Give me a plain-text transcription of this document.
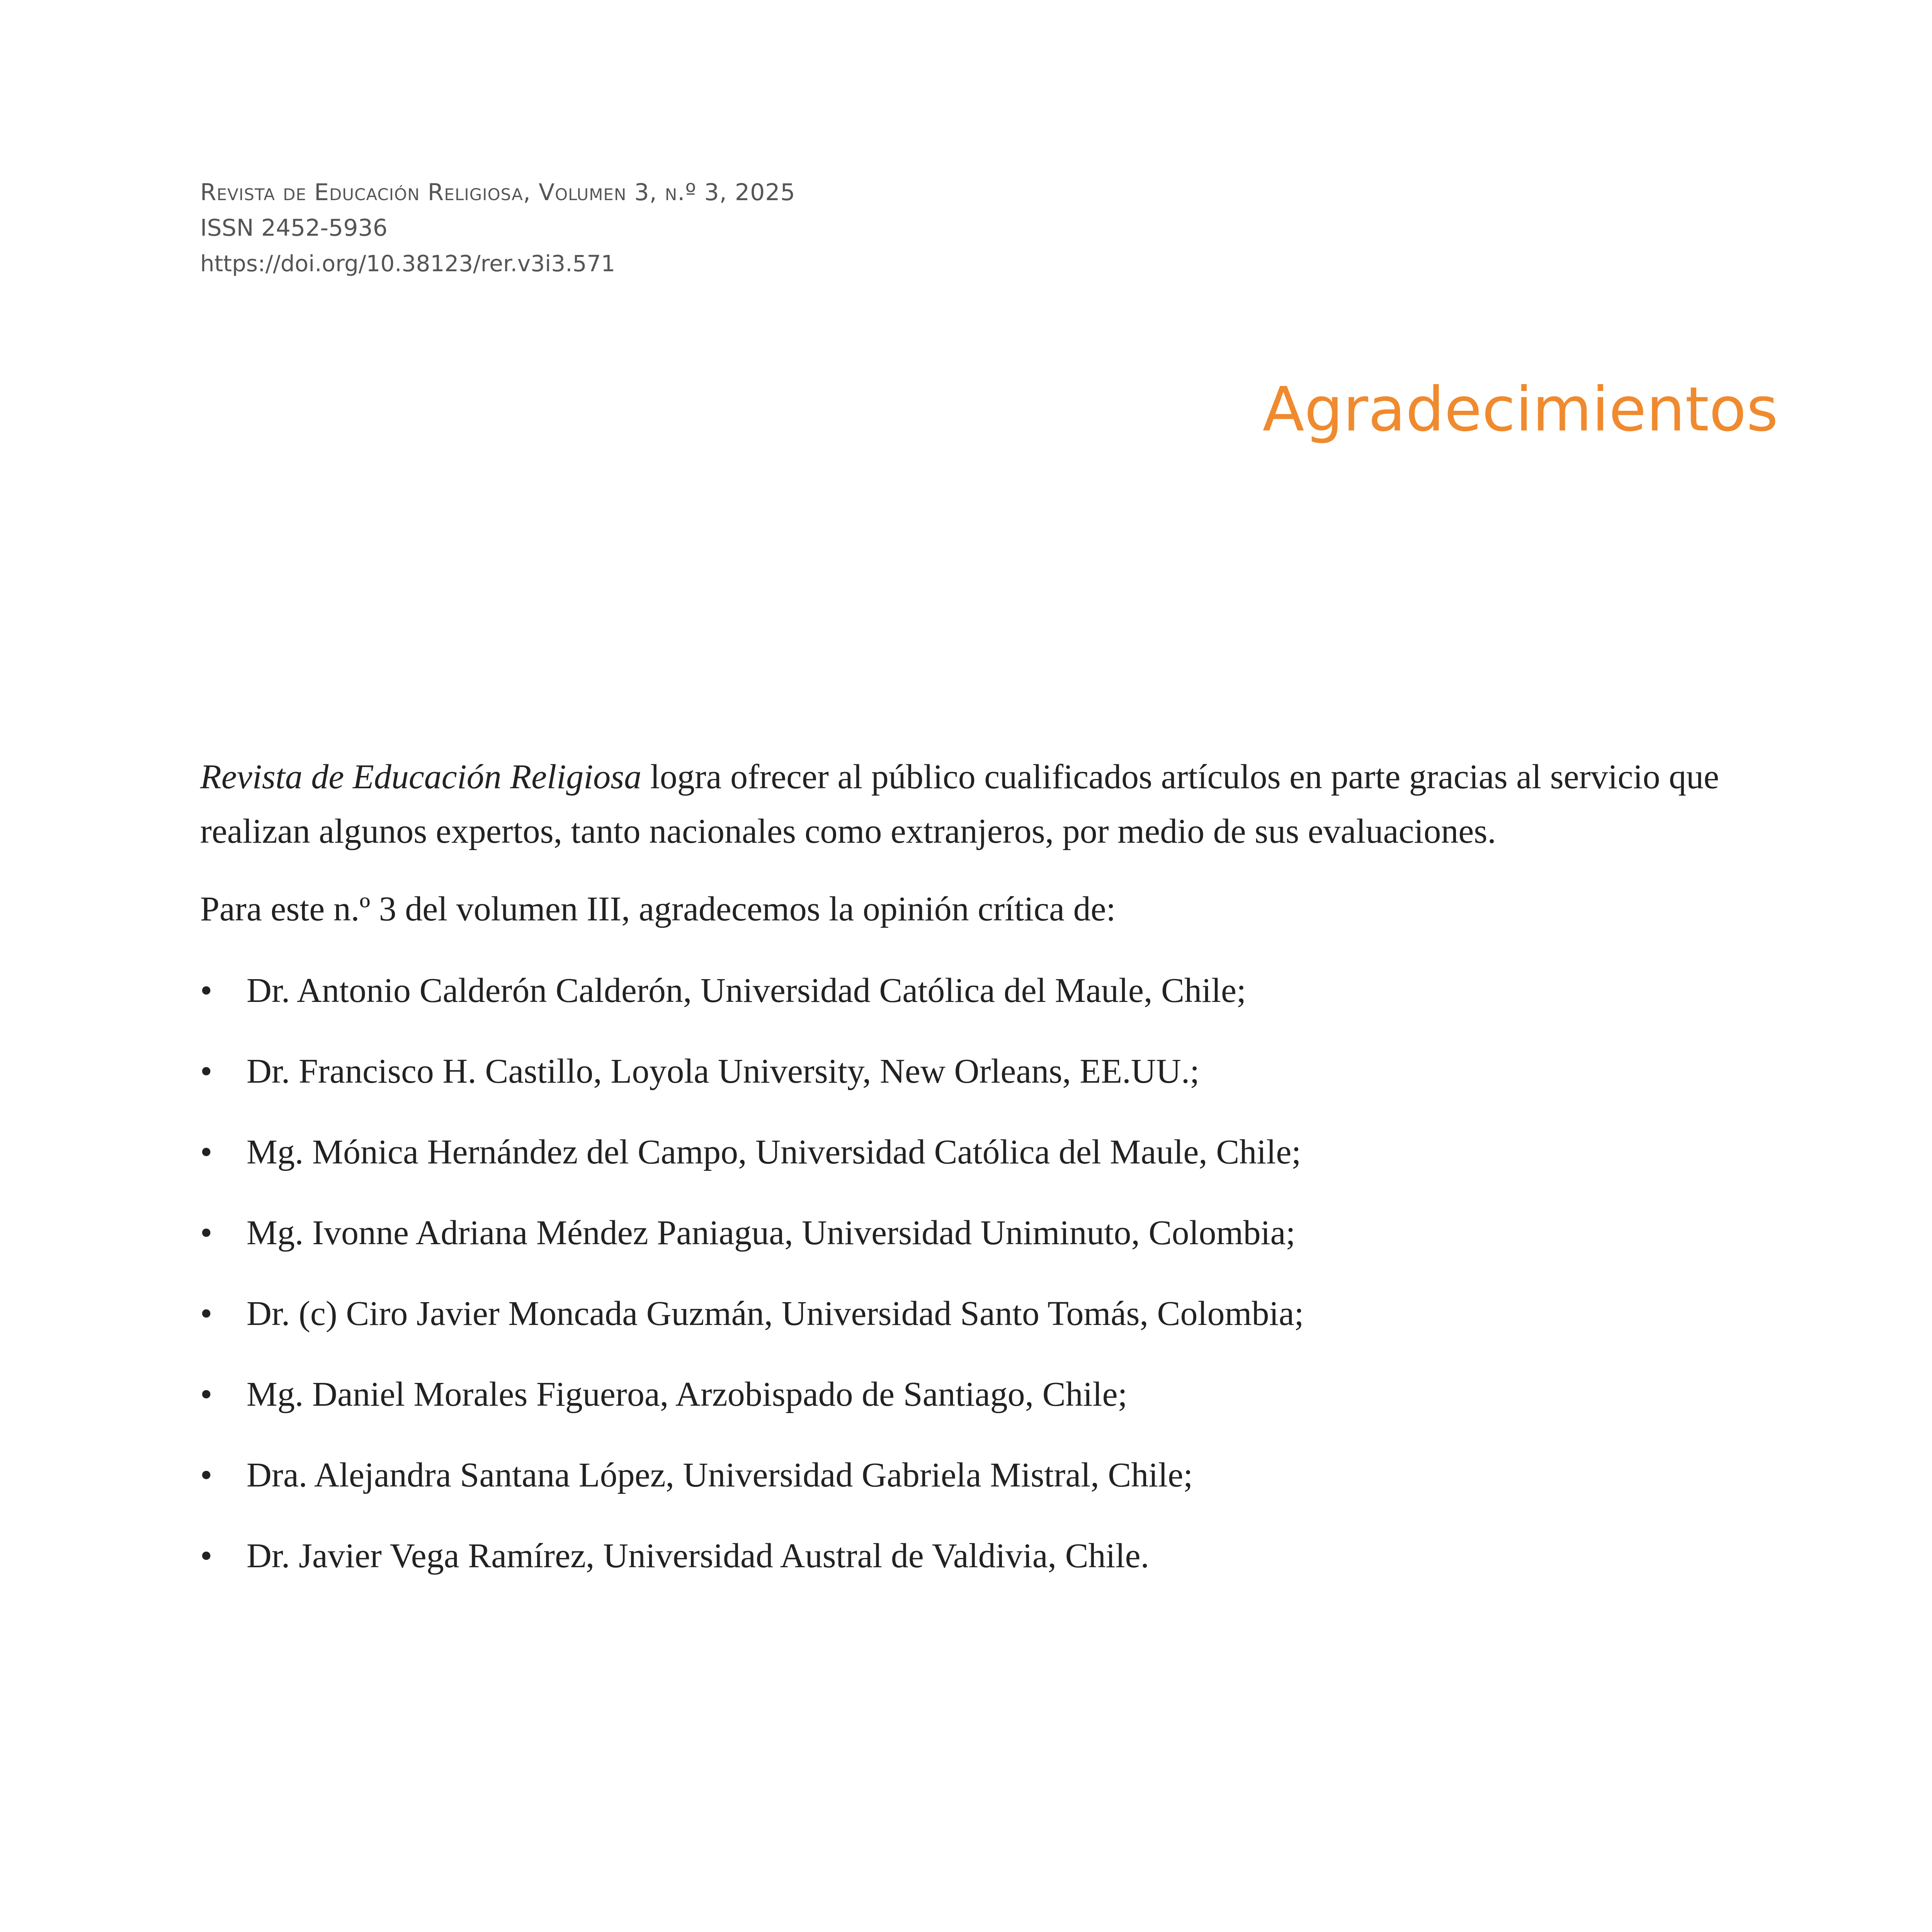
Revista de Educación Religiosa, Volumen 3, n.º 3, 2025
ISSN 2452-5936
https://doi.org/10.38123/rer.v3i3.571
Agradecimientos

Revista de Educación Religiosa logra ofrecer al público cualificados artículos en parte gracias al servicio que realizan algunos expertos, tanto nacionales como extranjeros, por medio de sus evaluaciones.

Para este n.º 3 del volumen III, agradecemos la opinión crítica de:

• Dr. Antonio Calderón Calderón, Universidad Católica del Maule, Chile;
• Dr. Francisco H. Castillo, Loyola University, New Orleans, EE.UU.;
• Mg. Mónica Hernández del Campo, Universidad Católica del Maule, Chile;
• Mg. Ivonne Adriana Méndez Paniagua, Universidad Uniminuto, Colombia;
• Dr. (c) Ciro Javier Moncada Guzmán, Universidad Santo Tomás, Colombia;
• Mg. Daniel Morales Figueroa, Arzobispado de Santiago, Chile;
• Dra. Alejandra Santana López, Universidad Gabriela Mistral, Chile;
• Dr. Javier Vega Ramírez, Universidad Austral de Valdivia, Chile.
